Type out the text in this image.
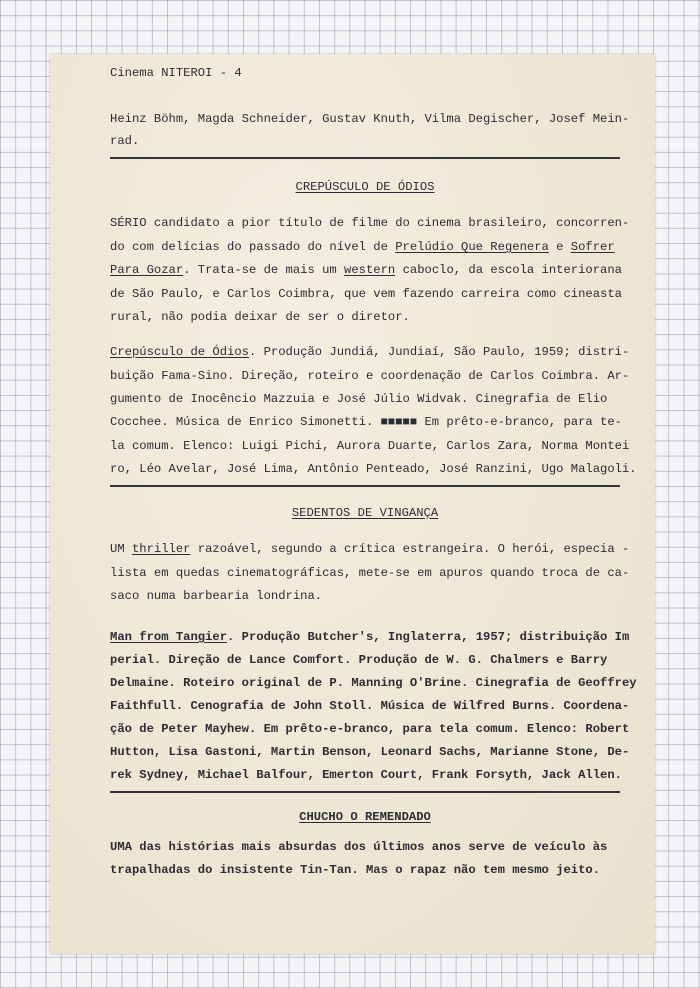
Cinema NITEROI - 4

Heinz Böhm, Magda Schneider, Gustav Knuth, Vilma Degischer, Josef Mein-

rad.

CREPÚSCULO DE ÓDIOS

SÉRIO candidato a pior título de filme do cinema brasileiro, concorren-

do com delícias do passado do nível de Prelúdio Que Regenera e Sofrer

Para Gozar. Trata-se de mais um western caboclo, da escola interiorana

de São Paulo, e Carlos Coimbra, que vem fazendo carreira como cineasta

rural, não podia deixar de ser o diretor.

Crepúsculo de Ódios. Produção Jundiá, Jundiaí, São Paulo, 1959; distri-

buição Fama-Sino. Direção, roteiro e coordenação de Carlos Coimbra. Ar-

gumento de Inocêncio Mazzuia e José Júlio Widvak. Cinegrafia de Elio

Cocchee. Música de Enrico Simonetti. ■■■■■ Em prêto-e-branco, para te-

la comum. Elenco: Luigi Pichi, Aurora Duarte, Carlos Zara, Norma Montei

ro, Léo Avelar, José Lima, Antônio Penteado, José Ranzini, Ugo Malagoli.

SEDENTOS DE VINGANÇA

UM thriller razoável, segundo a crítica estrangeira. O herói, especia -

lista em quedas cinematográficas, mete-se em apuros quando troca de ca-

saco numa barbearia londrina.

Man from Tangier. Produção Butcher's, Inglaterra, 1957; distribuição Im

perial. Direção de Lance Comfort. Produção de W. G. Chalmers e Barry

Delmaine. Roteiro original de P. Manning O'Brine. Cinegrafia de Geoffrey

Faithfull. Cenografia de John Stoll. Música de Wilfred Burns. Coordena-

ção de Peter Mayhew. Em prêto-e-branco, para tela comum. Elenco: Robert

Hutton, Lisa Gastoni, Martin Benson, Leonard Sachs, Marianne Stone, De-

rek Sydney, Michael Balfour, Emerton Court, Frank Forsyth, Jack Allen.

CHUCHO O REMENDADO

UMA das histórias mais absurdas dos últimos anos serve de veículo às

trapalhadas do insistente Tin-Tan. Mas o rapaz não tem mesmo jeito.
